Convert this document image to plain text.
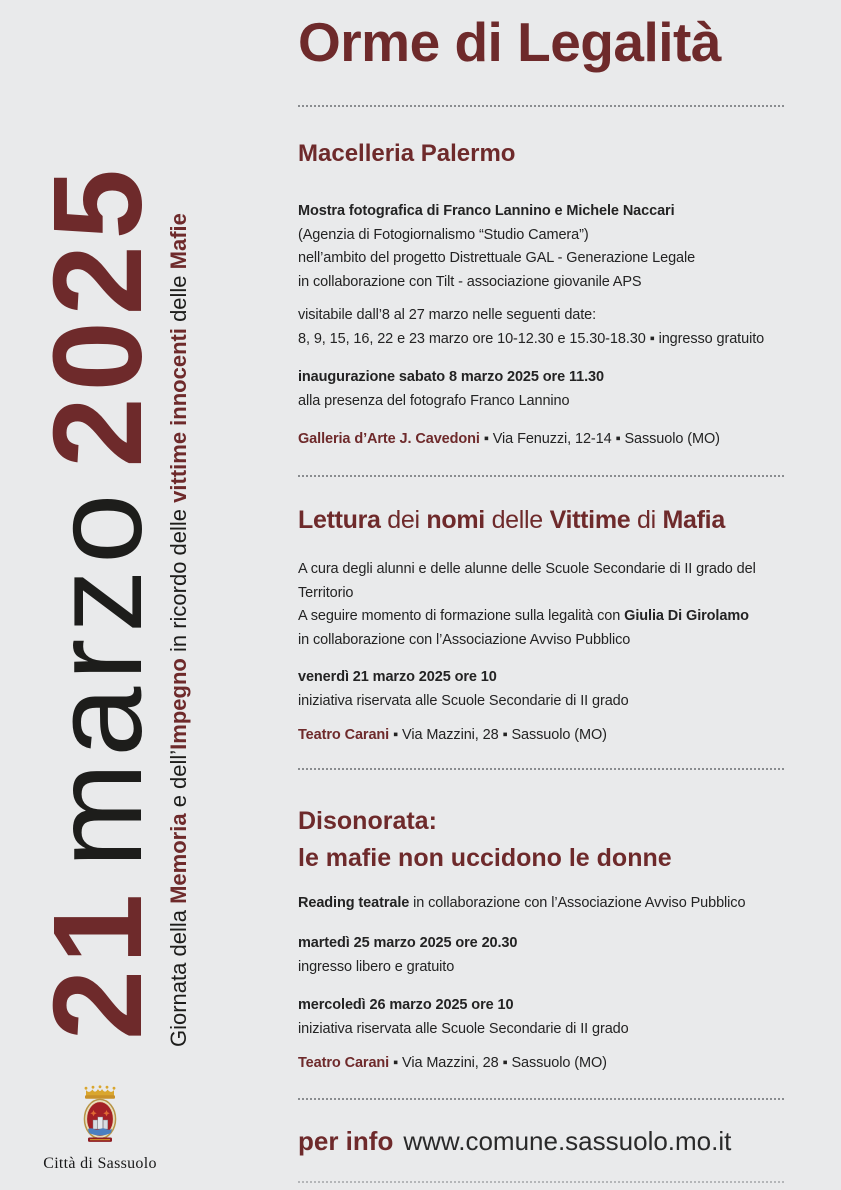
21marzo2025
Giornata della Memoria e dell’Impegno in ricordo delle vittime innocenti delle Mafie
Città di Sassuolo
Orme di Legalità
Macelleria Palermo
Mostra fotografica di Franco Lannino e Michele Naccari
(Agenzia di Fotogiornalismo “Studio Camera”)
nell’ambito del progetto Distrettuale GAL - Generazione Legale
in collaborazione con Tilt - associazione giovanile APS
visitabile dall’8 al 27 marzo nelle seguenti date:
8, 9, 15, 16, 22 e 23 marzo ore 10-12.30 e 15.30-18.30 ▪ ingresso gratuito
inaugurazione sabato 8 marzo 2025 ore 11.30
alla presenza del fotografo Franco Lannino
Galleria d’Arte J. Cavedoni ▪ Via Fenuzzi, 12-14 ▪ Sassuolo (MO)
Lettura dei nomi delle Vittime di Mafia
A cura degli alunni e delle alunne delle Scuole Secondarie di II grado del
Territorio
A seguire momento di formazione sulla legalità con Giulia Di Girolamo
in collaborazione con l’Associazione Avviso Pubblico
venerdì 21 marzo 2025 ore 10
iniziativa riservata alle Scuole Secondarie di II grado
Teatro Carani ▪ Via Mazzini, 28 ▪ Sassuolo (MO)
Disonorata:
le mafie non uccidono le donne
Reading teatrale in collaborazione con l’Associazione Avviso Pubblico
martedì 25 marzo 2025 ore 20.30
ingresso libero e gratuito
mercoledì 26 marzo 2025 ore 10
iniziativa riservata alle Scuole Secondarie di II grado
Teatro Carani ▪ Via Mazzini, 28 ▪ Sassuolo (MO)
per info www.comune.sassuolo.mo.it
